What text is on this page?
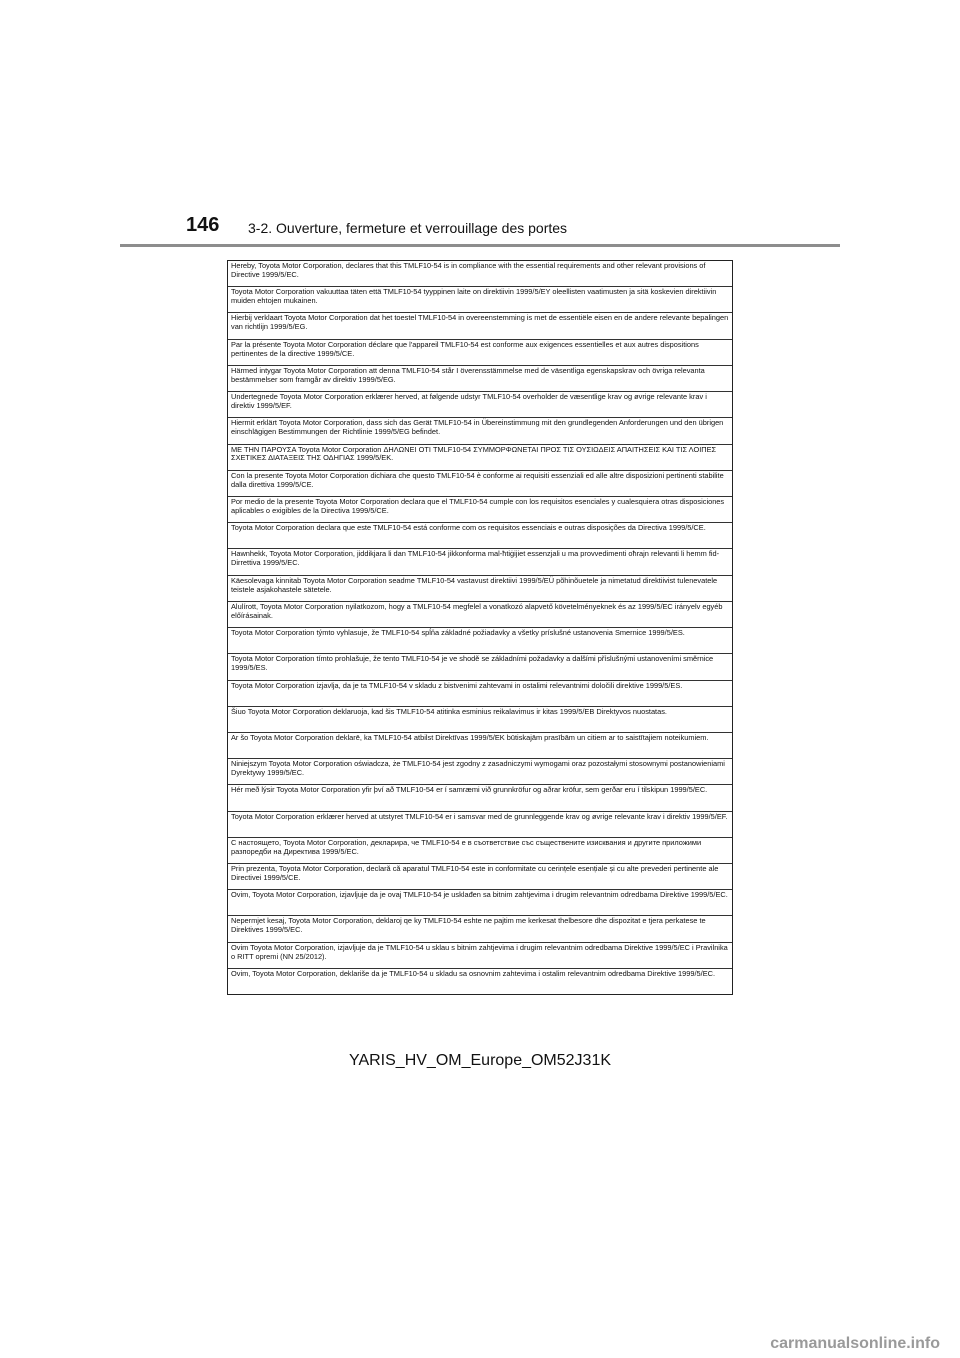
146 3-2. Ouverture, fermeture et verrouillage des portes
Hereby, Toyota Motor Corporation, declares that this TMLF10-54 is in compliance with the essential requirements and other relevant provisions of Directive 1999/5/EC.
Toyota Motor Corporation vakuuttaa täten että TMLF10-54 tyyppinen laite on direktiivin 1999/5/EY oleellisten vaatimusten ja sitä koskevien direktiivin muiden ehtojen mukainen.
Hierbij verklaart Toyota Motor Corporation dat het toestel TMLF10-54 in overeenstemming is met de essentiële eisen en de andere relevante bepalingen van richtlijn 1999/5/EG.
Par la présente Toyota Motor Corporation déclare que l'appareil TMLF10-54 est conforme aux exigences essentielles et aux autres dispositions pertinentes de la directive 1999/5/CE.
Härmed intygar Toyota Motor Corporation att denna TMLF10-54 står I överensstämmelse med de väsentliga egenskapskrav och övriga relevanta bestämmelser som framgår av direktiv 1999/5/EG.
Undertegnede Toyota Motor Corporation erklærer herved, at følgende udstyr TMLF10-54 overholder de væsentlige krav og øvrige relevante krav i direktiv 1999/5/EF.
Hiermit erklärt Toyota Motor Corporation, dass sich das Gerät TMLF10-54 in Übereinstimmung mit den grundlegenden Anforderungen und den übrigen einschlägigen Bestimmungen der Richtlinie 1999/5/EG befindet.
ΜΕ ΤΗΝ ΠΑΡΟΥΣΑ Toyota Motor Corporation ΔΗΛΩΝΕΙ ΟΤΙ TMLF10-54 ΣΥΜΜΟΡΦΩΝΕΤΑΙ ΠΡΟΣ ΤΙΣ ΟΥΣΙΩΔΕΙΣ ΑΠΑΙΤΗΣΕΙΣ ΚΑΙ ΤΙΣ ΛΟΙΠΕΣ ΣΧΕΤΙΚΕΣ ΔΙΑΤΑΞΕΙΣ ΤΗΣ ΟΔΗΓΙΑΣ 1999/5/ΕΚ.
Con la presente Toyota Motor Corporation dichiara che questo TMLF10-54 è conforme ai requisiti essenziali ed alle altre disposizioni pertinenti stabilite dalla direttiva 1999/5/CE.
Por medio de la presente Toyota Motor Corporation declara que el TMLF10-54 cumple con los requisitos esenciales y cualesquiera otras disposiciones aplicables o exigibles de la Directiva 1999/5/CE.
Toyota Motor Corporation declara que este TMLF10-54 está conforme com os requisitos essenciais e outras disposições da Directiva 1999/5/CE.
Hawnhekk, Toyota Motor Corporation, jiddikjara li dan TMLF10-54 jikkonforma mal-ħtiġijiet essenzjali u ma provvedimenti oħrajn relevanti li hemm fid-Dirrettiva 1999/5/EC.
Käesolevaga kinnitab Toyota Motor Corporation seadme TMLF10-54 vastavust direktiivi 1999/5/EÜ põhinõuetele ja nimetatud direktiivist tulenevatele teistele asjakohastele sätetele.
Alulírott, Toyota Motor Corporation nyilatkozom, hogy a TMLF10-54 megfelel a vonatkozó alapvető követelményeknek és az 1999/5/EC irányelv egyéb előírásainak.
Toyota Motor Corporation týmto vyhlasuje, že TMLF10-54 spĺňa základné požiadavky a všetky príslušné ustanovenia Smernice 1999/5/ES.
Toyota Motor Corporation tímto prohlašuje, že tento TMLF10-54 je ve shodě se základními požadavky a dalšími příslušnými ustanoveními směrnice 1999/5/ES.
Toyota Motor Corporation izjavlja, da je ta TMLF10-54 v skladu z bistvenimi zahtevami in ostalimi relevantnimi določili direktive 1999/5/ES.
Šiuo Toyota Motor Corporation deklaruoja, kad šis TMLF10-54 atitinka esminius reikalavimus ir kitas 1999/5/EB Direktyvos nuostatas.
Ar šo Toyota Motor Corporation deklarē, ka TMLF10-54 atbilst Direktīvas 1999/5/EK būtiskajām prasībām un citiem ar to saistītajiem noteikumiem.
Niniejszym Toyota Motor Corporation oświadcza, że TMLF10-54 jest zgodny z zasadniczymi wymogami oraz pozostałymi stosownymi postanowieniami Dyrektywy 1999/5/EC.
Hér með lýsir Toyota Motor Corporation yfir því að TMLF10-54 er í samræmi við grunnkröfur og aðrar kröfur, sem gerðar eru í tilskipun 1999/5/EC.
Toyota Motor Corporation erklærer herved at utstyret TMLF10-54 er i samsvar med de grunnleggende krav og øvrige relevante krav i direktiv 1999/5/EF.
С настоящето, Toyota Motor Corporation, декларира, че TMLF10-54 е в съответствие със съществените изисквания и другите приложими разпоредби на Директива 1999/5/ЕС.
Prin prezenta, Toyota Motor Corporation, declară că aparatul TMLF10-54 este in conformitate cu cerințele esențiale și cu alte prevederi pertinente ale Directivei 1999/5/CE.
Ovim, Toyota Motor Corporation, izjavljuje da je ovaj TMLF10-54 je usklađen sa bitnim zahtjevima i drugim relevantnim odredbama Direktive 1999/5/EC.
Nepermjet kesaj, Toyota Motor Corporation, deklaroj qe ky TMLF10-54 eshte ne pajtim me kerkesat thelbesore dhe dispozitat e tjera perkatese te Direktives 1999/5/EC.
Ovim Toyota Motor Corporation, izjavljuje da je TMLF10-54 u sklau s bitnim zahtjevima i drugim relevantnim odredbama Direktive 1999/5/EC i Pravilnika o RITT opremi (NN 25/2012).
Ovim, Toyota Motor Corporation, deklariše da je TMLF10-54 u skladu sa osnovnim zahtevima i ostalim relevantnim odredbama Direktive 1999/5/EC.
YARIS_HV_OM_Europe_OM52J31K
carmanualsonline.info
